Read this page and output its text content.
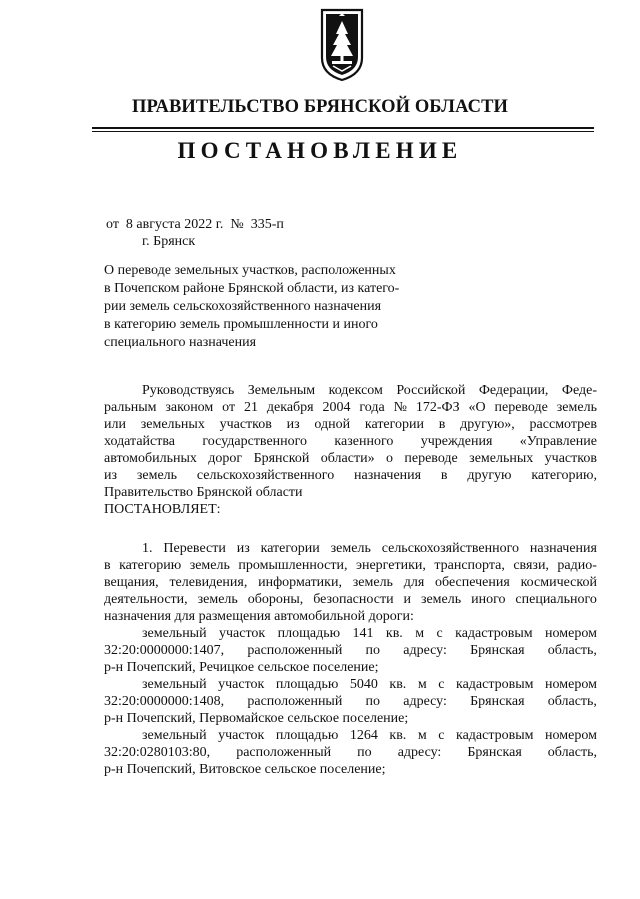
ПРАВИТЕЛЬСТВО БРЯНСКОЙ ОБЛАСТИ
ПОСТАНОВЛЕНИЕ
от  8 августа 2022 г.  №  335-п
г. Брянск
О переводе земельных участков, расположенных
в Почепском районе Брянской области, из катего-
рии земель сельскохозяйственного назначения
в категорию земель промышленности и иного
специального назначения
Руководствуясь Земельным кодексом Российской Федерации, Феде-
ральным законом от 21 декабря 2004 года № 172-ФЗ «О переводе земель
или земельных участков из одной категории в другую», рассмотрев
ходатайства государственного казенного учреждения «Управление
автомобильных дорог Брянской области» о переводе земельных участков
из земель сельскохозяйственного назначения в другую категорию,
Правительство Брянской области
ПОСТАНОВЛЯЕТ:
1. Перевести из категории земель сельскохозяйственного назначения
в категорию земель промышленности, энергетики, транспорта, связи, радио-
вещания, телевидения, информатики, земель для обеспечения космической
деятельности, земель обороны, безопасности и земель иного специального
назначения для размещения автомобильной дороги:
земельный участок площадью 141 кв. м с кадастровым номером
32:20:0000000:1407, расположенный по адресу: Брянская область,
р-н Почепский, Речицкое сельское поселение;
земельный участок площадью 5040 кв. м с кадастровым номером
32:20:0000000:1408, расположенный по адресу: Брянская область,
р-н Почепский, Первомайское сельское поселение;
земельный участок площадью 1264 кв. м с кадастровым номером
32:20:0280103:80, расположенный по адресу: Брянская область,
р-н Почепский, Витовское сельское поселение;
